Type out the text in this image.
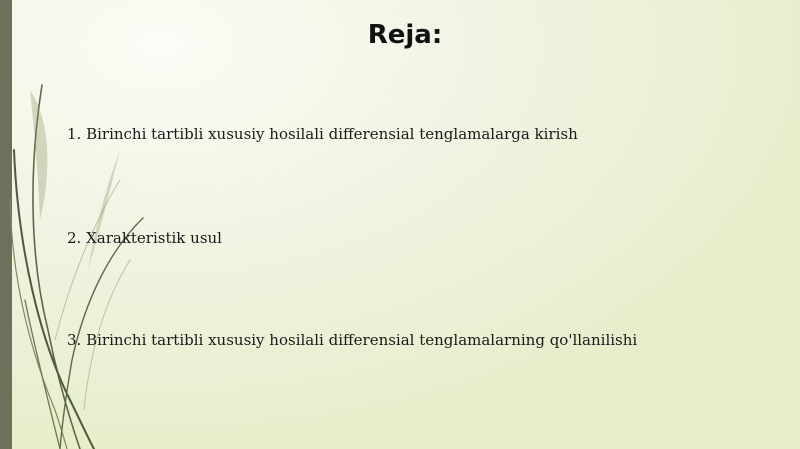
Reja:
1. Birinchi tartibli xususiy hosilali differensial tenglamalarga kirish
2. Xarakteristik usul
3. Birinchi tartibli xususiy hosilali differensial tenglamalarning qo'llanilishi
